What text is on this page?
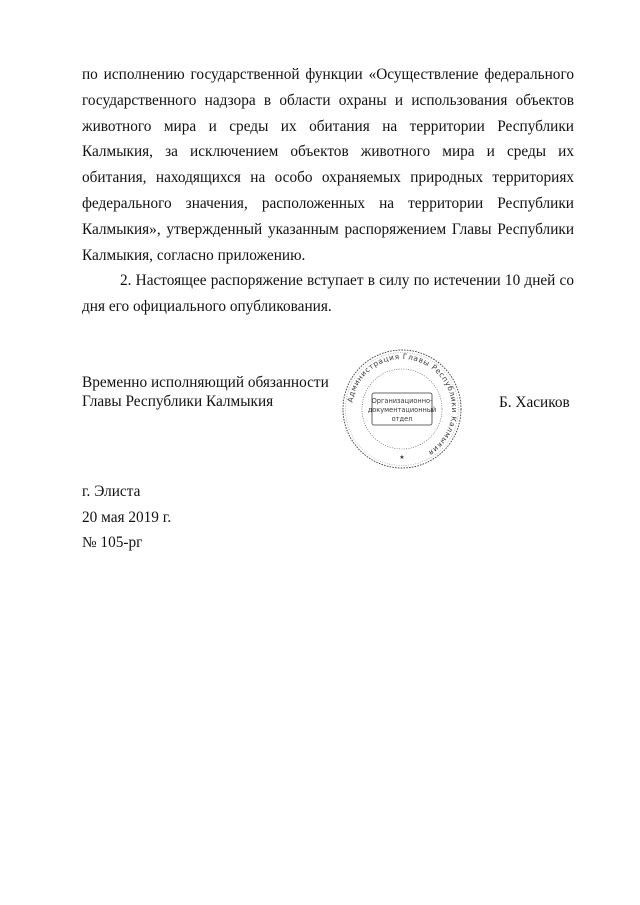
по исполнению государственной функции «Осуществление федерального государственного надзора в области охраны и использования объектов животного мира и среды их обитания на территории Республики Калмыкия, за исключением объектов животного мира и среды их обитания, находящихся на особо охраняемых природных территориях федерального значения, расположенных на территории Республики Калмыкия», утвержденный указанным распоряжением Главы Республики Калмыкия, согласно приложению.

2. Настоящее распоряжение вступает в силу по истечении 10 дней со дня его официального опубликования.

Временно исполняющий обязанности
Главы Республики Калмыкия	Администрация Главы Республики Калмыкия
Организационно-
документационный
отдел
★
Б. Хасиков
г. Элиста
20 мая 2019 г.
№ 105-рг
